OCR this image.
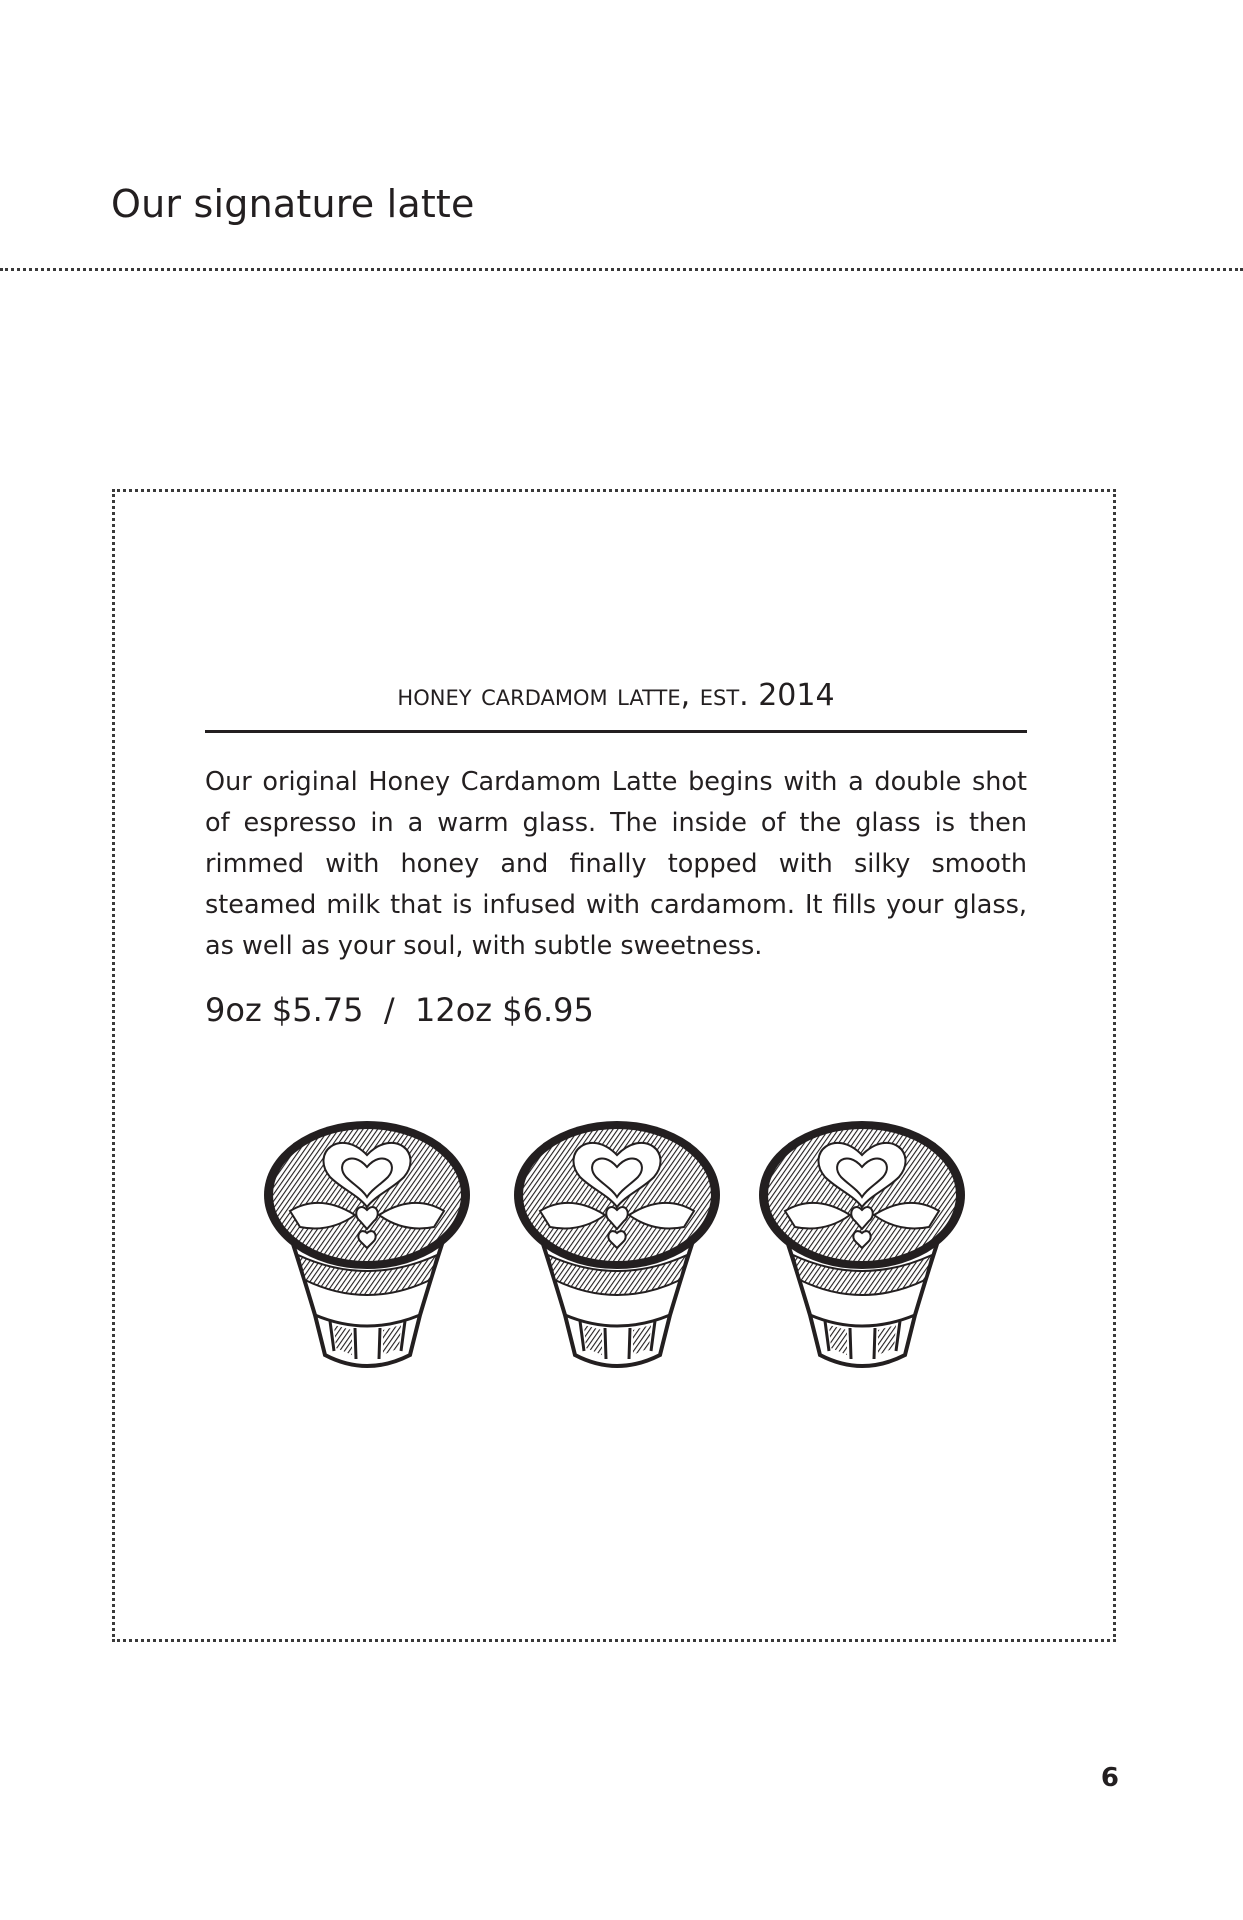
Our signature latte
honey cardamom latte, est. 2014

Our original Honey Cardamom Latte begins with a double shot of espresso in a warm glass. The inside of the glass is then rimmed with honey and finally topped with silky smooth steamed milk that is infused with cardamom. It fills your glass, as well as your soul, with subtle sweetness.

9oz $5.75  /  12oz $6.95

6
